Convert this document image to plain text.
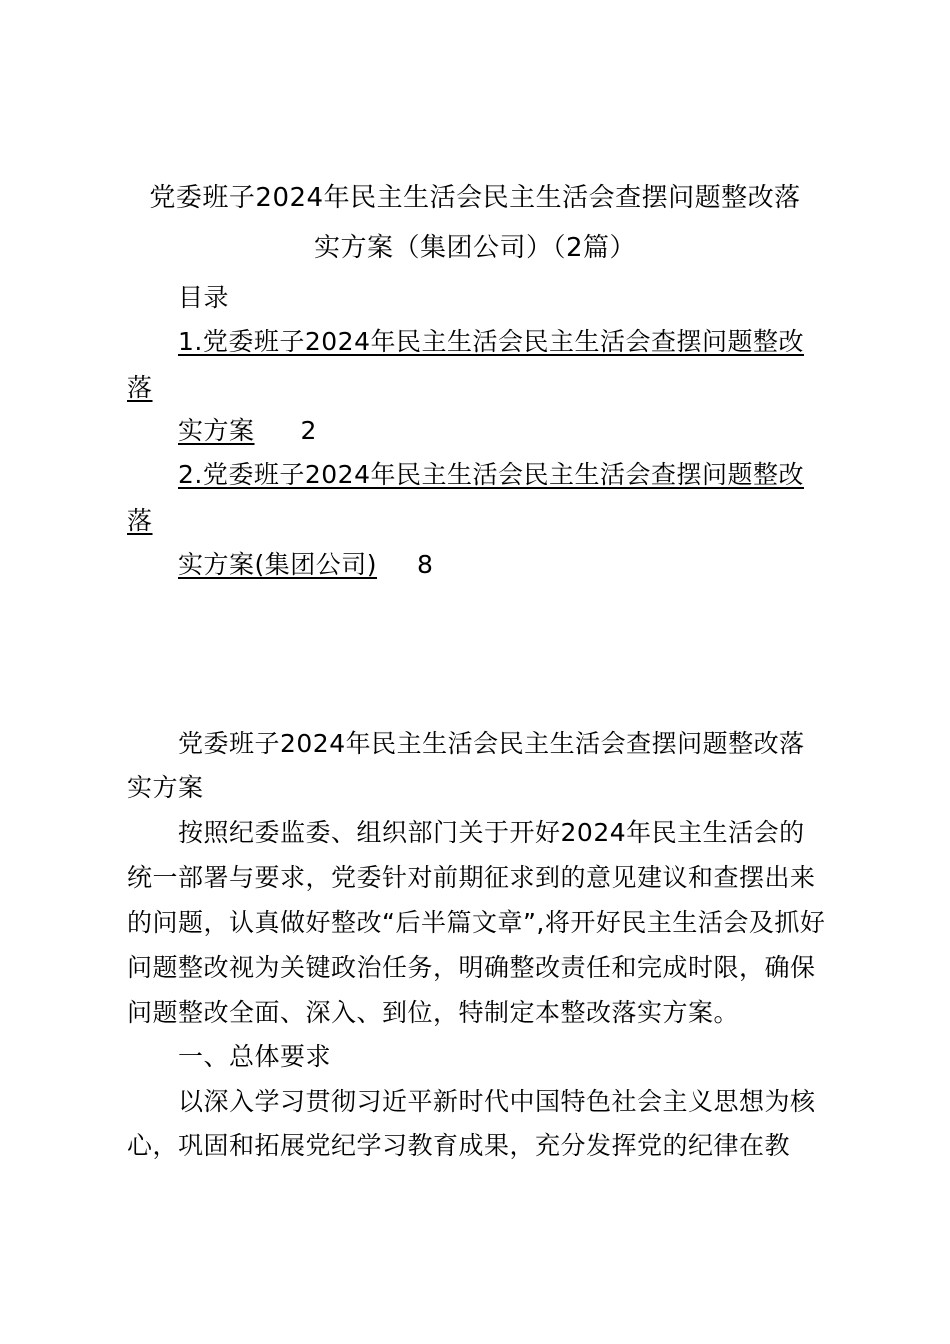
党委班子2024年民主生活会民主生活会查摆问题整改落
实方案（集团公司）（2篇）
目录
1.党委班子2024年民主生活会民主生活会查摆问题整改
落
实方案 2
2.党委班子2024年民主生活会民主生活会查摆问题整改
落
实方案(集团公司) 8
党委班子2024年民主生活会民主生活会查摆问题整改落
实方案
按照纪委监委、组织部门关于开好2024年民主生活会的
统一部署与要求，党委针对前期征求到的意见建议和查摆出来
的问题，认真做好整改“后半篇文章”,将开好民主生活会及抓好
问题整改视为关键政治任务，明确整改责任和完成时限，确保
问题整改全面、深入、到位，特制定本整改落实方案。
一、总体要求
以深入学习贯彻习近平新时代中国特色社会主义思想为核
心，巩固和拓展党纪学习教育成果，充分发挥党的纪律在教
